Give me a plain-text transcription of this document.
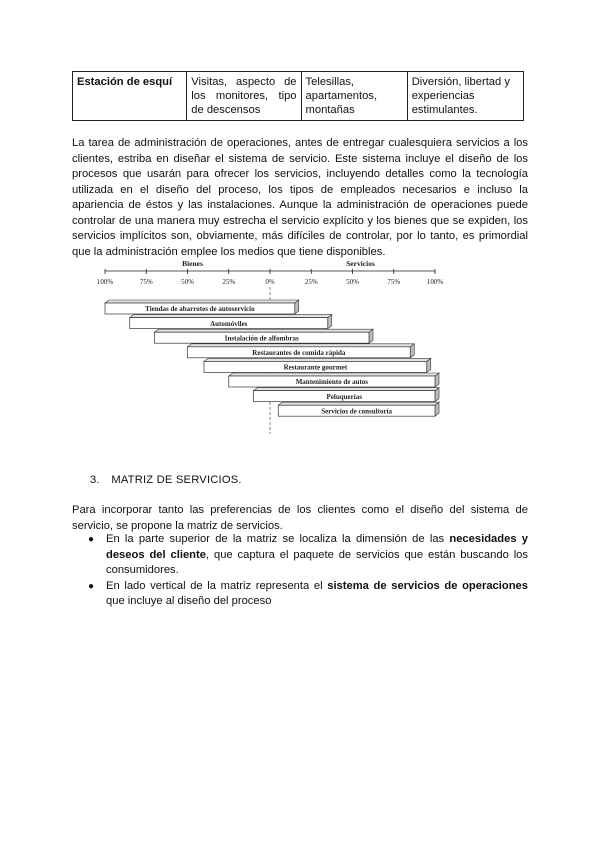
Estación de esquí	Visitas, aspecto de los monitores, tipo de descensos	Telesillas, apartamentos, montañas	Diversión, libertad y experiencias estimulantes.

La tarea de administración de operaciones, antes de entregar cualesquiera servicios a los clientes, estriba en diseñar el sistema de servicio. Este sistema incluye el diseño de los procesos que usarán para ofrecer los servicios, incluyendo detalles como la tecnología utilizada en el diseño del proceso, los tipos de empleados necesarios e incluso la apariencia de éstos y las instalaciones. Aunque la administración de operaciones puede controlar de una manera muy estrecha el servicio explícito y los bienes que se expiden, los servicios implícitos son, obviamente, más difíciles de controlar, por lo tanto, es primordial que la administración emplee los medios que tiene disponibles.

Bienes	Servicios
100%	75%	50%	25%	0%	25%	50%	75%	100%
Tiendas de abarrotes de autoservicio
Automóviles
Instalación de alfombras
Restaurantes de comida rápida
Restaurante gourmet
Mantenimiento de autos
Peluquerías
Servicios de consultoría
3. MATRIZ DE SERVICIOS.

Para incorporar tanto las preferencias de los clientes como el diseño del sistema de servicio, se propone la matriz de servicios.

● En la parte superior de la matriz se localiza la dimensión de las necesidades y deseos del cliente, que captura el paquete de servicios que están buscando los consumidores.
● En lado vertical de la matriz representa el sistema de servicios de operaciones que incluye al diseño del proceso
